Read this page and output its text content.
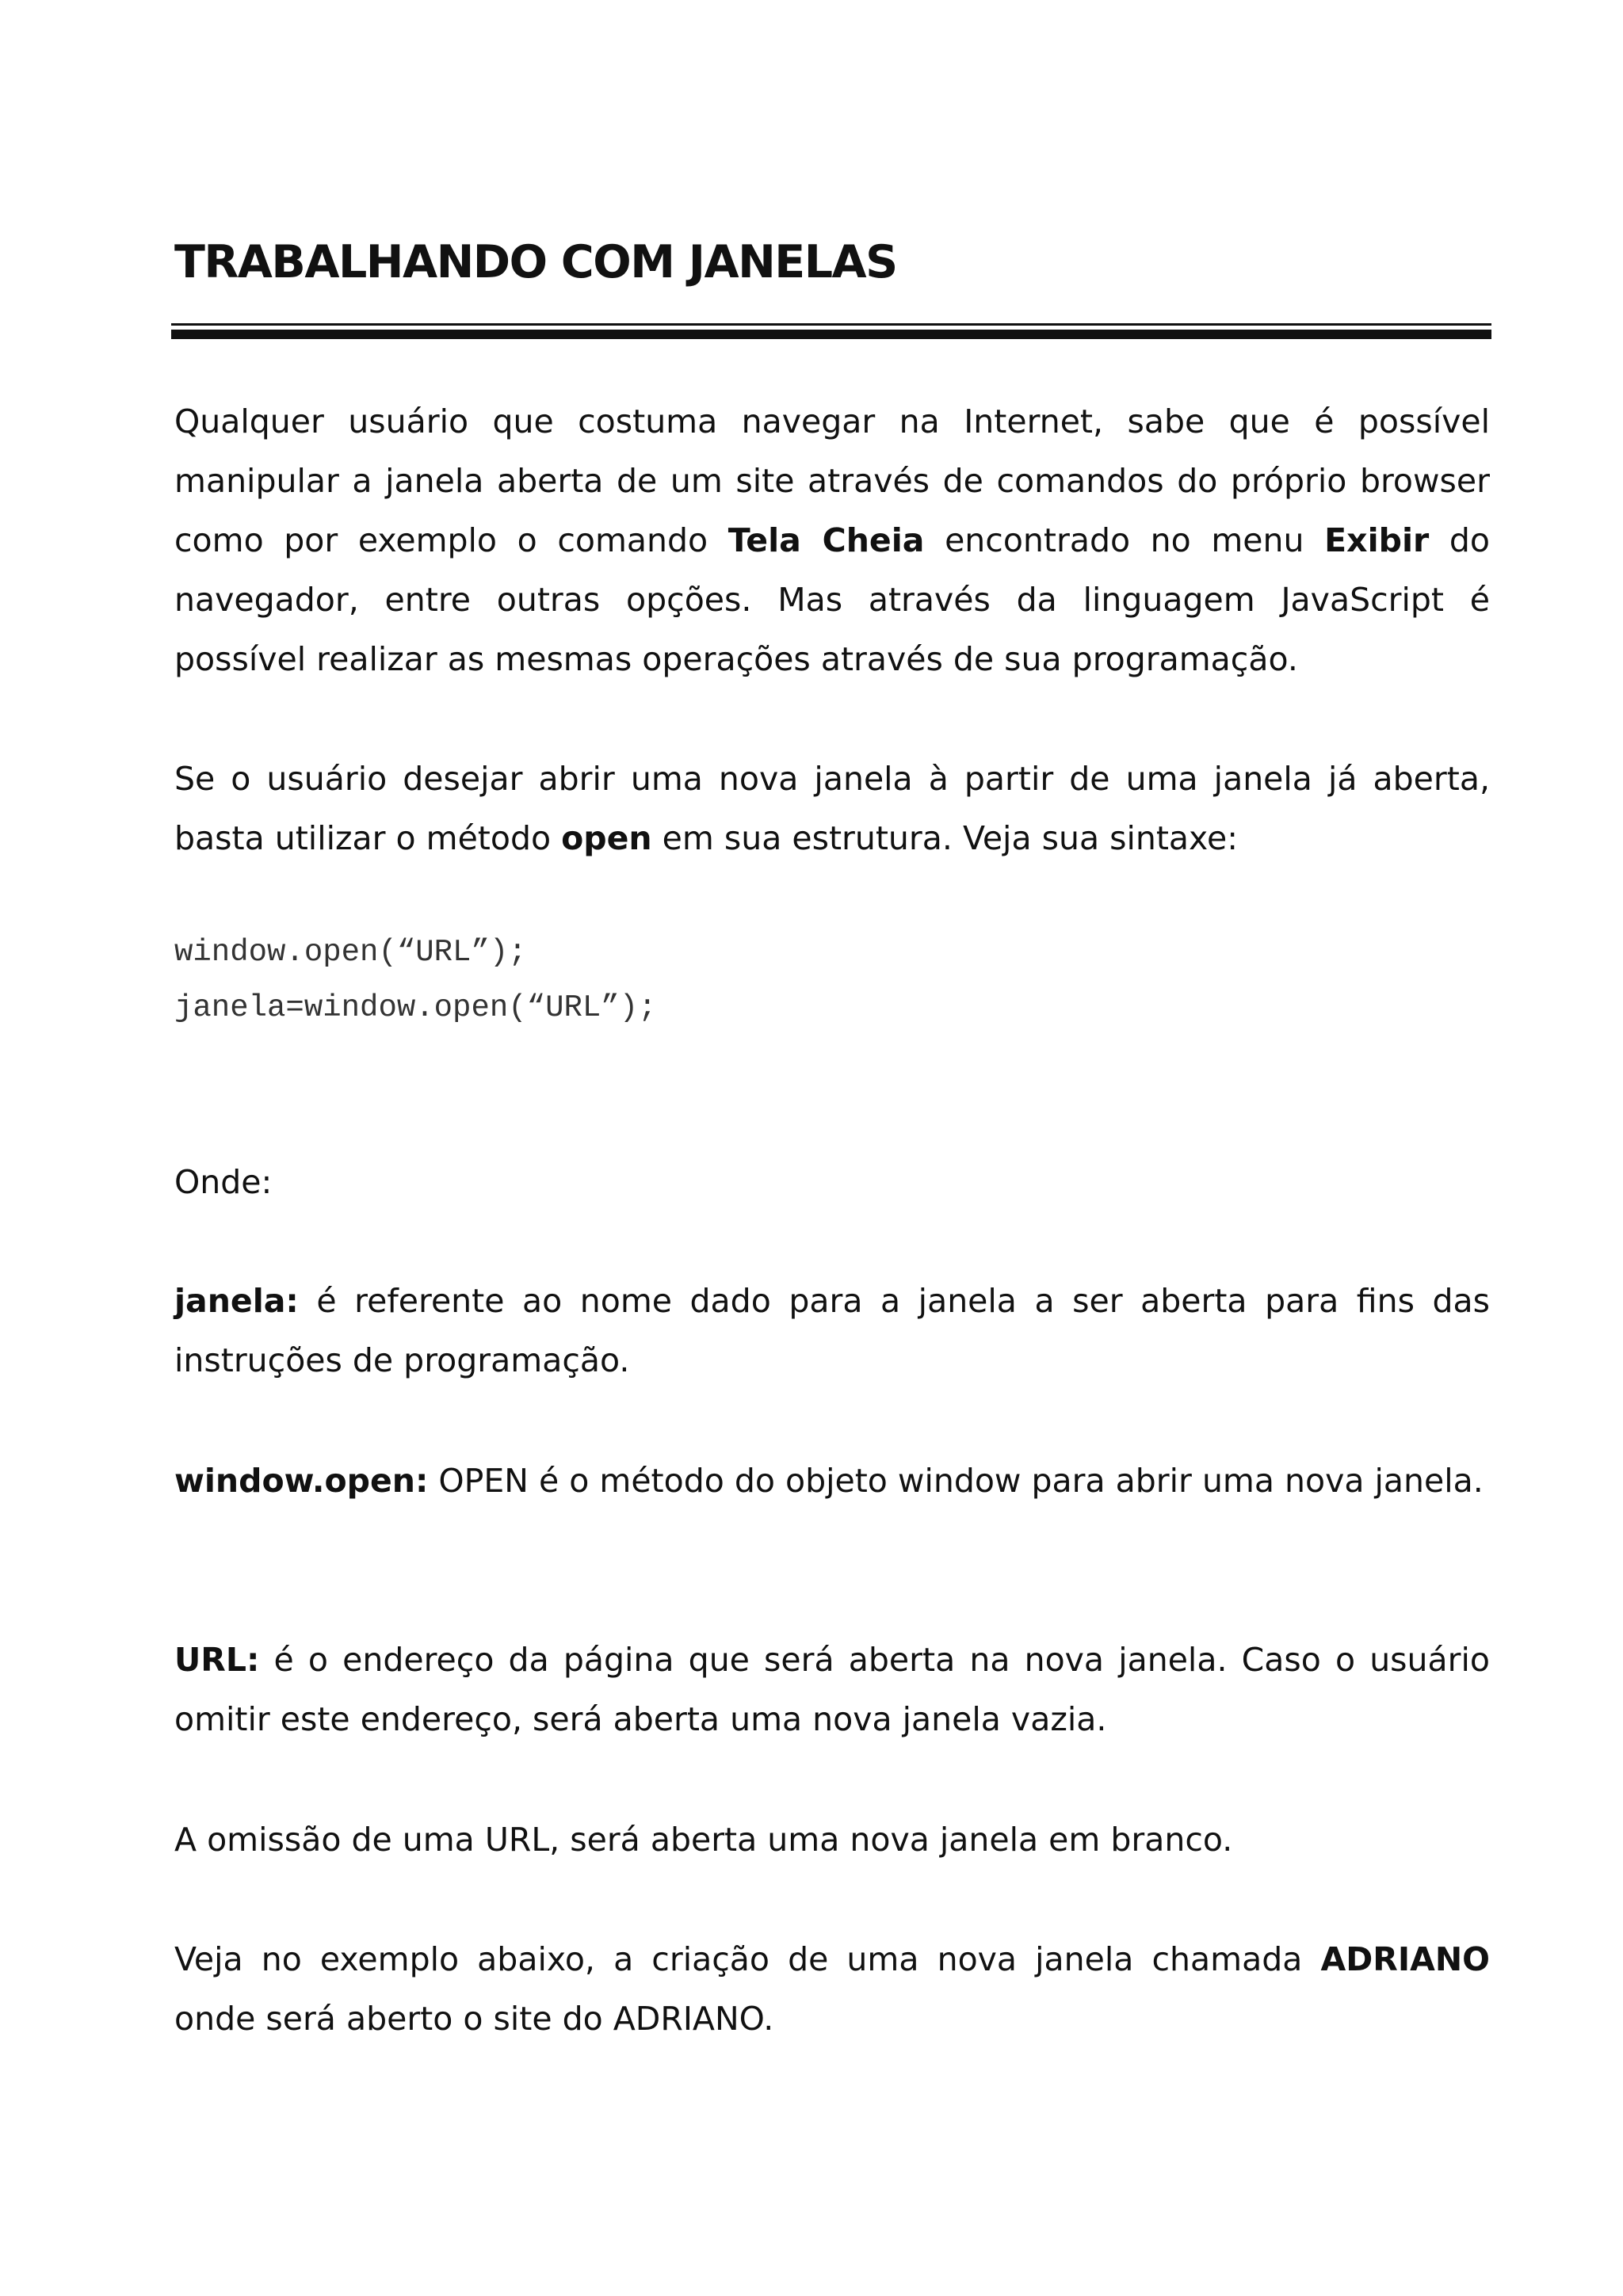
TRABALHANDO COM JANELAS

Qualquer usuário que costuma navegar na Internet, sabe que é possível manipular a janela aberta de um site através de comandos do próprio browser como por exemplo o comando Tela Cheia encontrado no menu Exibir do navegador, entre outras opções. Mas através da linguagem JavaScript é possível realizar as mesmas operações através de sua programação.

Se o usuário desejar abrir uma nova janela à partir de uma janela já aberta, basta utilizar o método open em sua estrutura. Veja sua sintaxe:

window.open(“URL”);
janela=window.open(“URL”);

Onde:

janela: é referente ao nome dado para a janela a ser aberta para fins das instruções de programação.

window.open: OPEN é o método do objeto window para abrir uma nova janela.

URL: é o endereço da página que será aberta na nova janela. Caso o usuário omitir este endereço, será aberta uma nova janela vazia.

A omissão de uma URL, será aberta uma nova janela em branco.

Veja no exemplo abaixo, a criação de uma nova janela chamada ADRIANO onde será aberto o site do ADRIANO.
